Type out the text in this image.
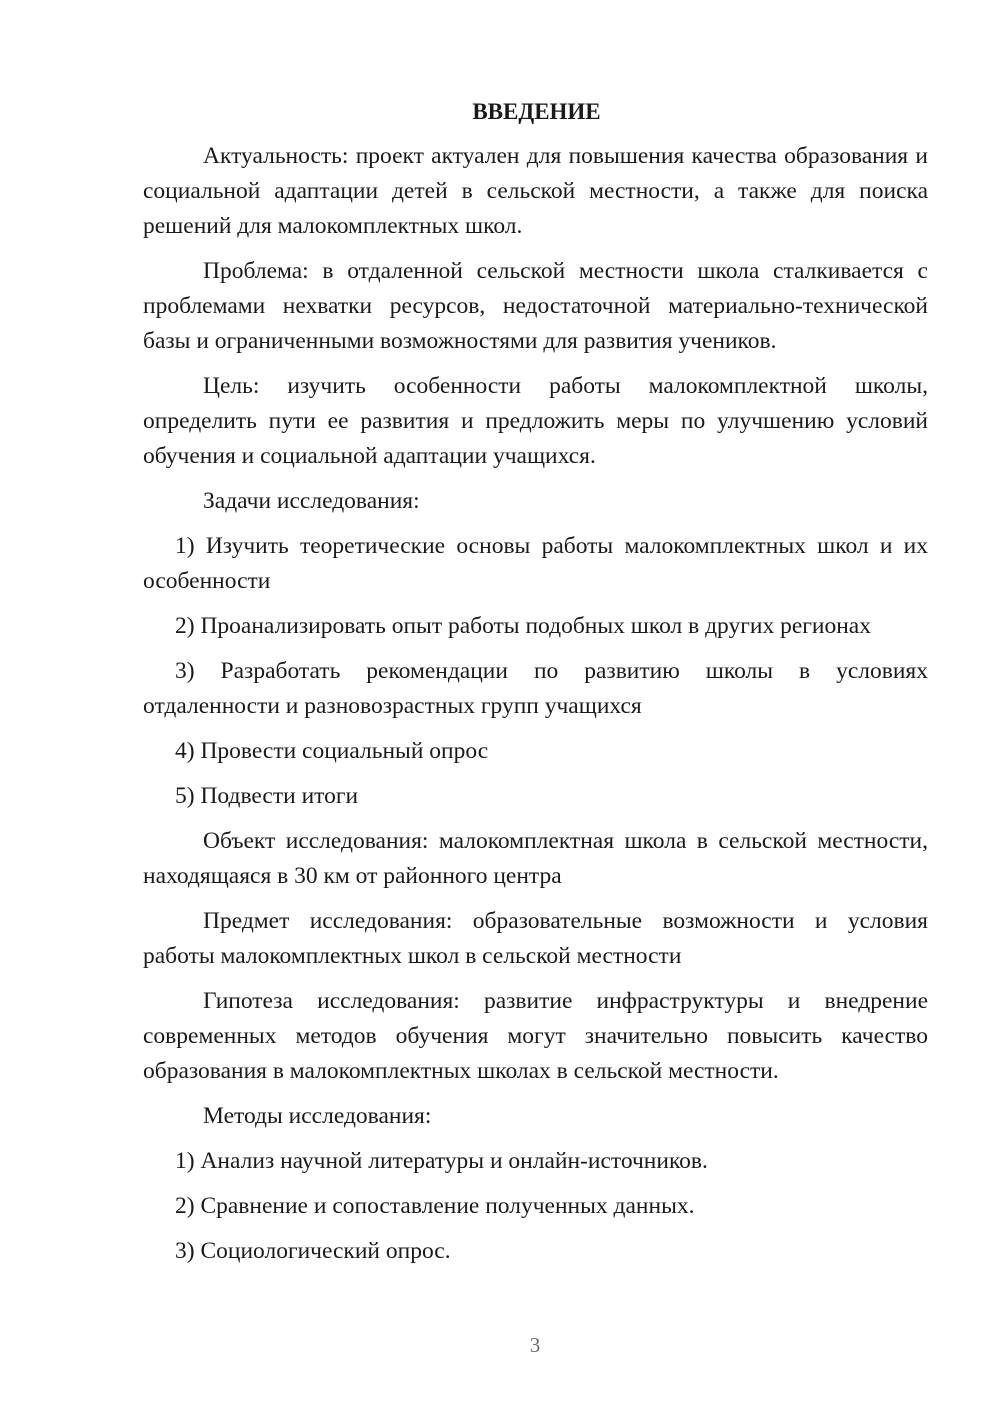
ВВЕДЕНИЕ

Актуальность: проект актуален для повышения качества образования и социальной адаптации детей в сельской местности, а также для поиска решений для малокомплектных школ.

Проблема: в отдаленной сельской местности школа сталкивается с проблемами нехватки ресурсов, недостаточной материально-технической базы и ограниченными возможностями для развития учеников.

Цель: изучить особенности работы малокомплектной школы, определить пути ее развития и предложить меры по улучшению условий обучения и социальной адаптации учащихся.

Задачи исследования:

1) Изучить теоретические основы работы малокомплектных школ и их особенности

2) Проанализировать опыт работы подобных школ в других регионах

3) Разработать рекомендации по развитию школы в условиях отдаленности и разновозрастных групп учащихся

4) Провести социальный опрос

5) Подвести итоги

Объект исследования: малокомплектная школа в сельской местности, находящаяся в 30 км от районного центра

Предмет исследования: образовательные возможности и условия работы малокомплектных школ в сельской местности

Гипотеза исследования: развитие инфраструктуры и внедрение современных методов обучения могут значительно повысить качество образования в малокомплектных школах в сельской местности.

Методы исследования:

1) Анализ научной литературы и онлайн-источников.

2) Сравнение и сопоставление полученных данных.

3) Социологический опрос.

3
